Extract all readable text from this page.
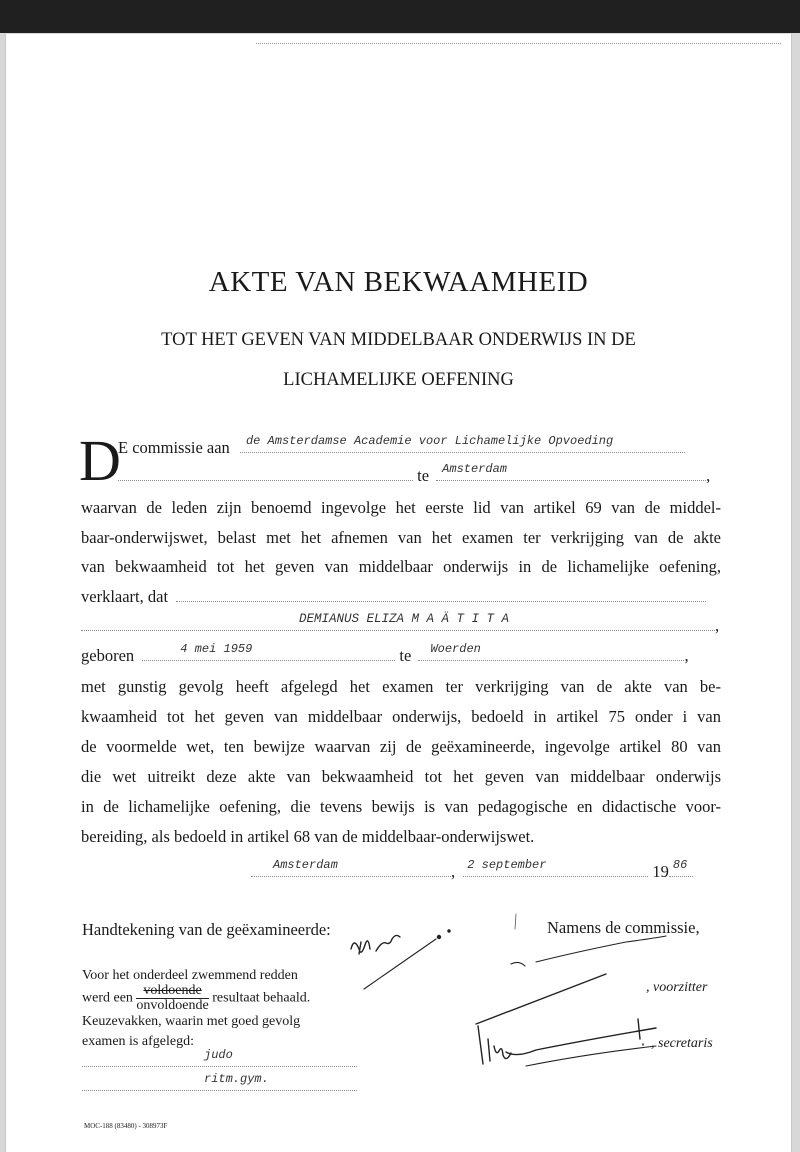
AKTE VAN BEKWAAMHEID
TOT HET GEVEN VAN MIDDELBAAR ONDERWIJS IN DE
LICHAMELIJKE OEFENING
D
E commissie aan de Amsterdamse Academie voor Lichamelijke Opvoeding
te Amsterdam	,
waarvan de leden zijn benoemd ingevolge het eerste lid van artikel 69 van de middel-
baar-onderwijswet, belast met het afnemen van het examen ter verkrijging van de akte
van bekwaamheid tot het geven van middelbaar onderwijs in de lichamelijke oefening,
verklaart, dat
DEMIANUS ELIZA M A Ä T I T A	,
geboren	4 mei 1959	te Woerden	,
met gunstig gevolg heeft afgelegd het examen ter verkrijging van de akte van be-
kwaamheid tot het geven van middelbaar onderwijs, bedoeld in artikel 75 onder i van
de voormelde wet, ten bewijze waarvan zij de geëxamineerde, ingevolge artikel 80 van
die wet uitreikt deze akte van bekwaamheid tot het geven van middelbaar onderwijs
in de lichamelijke oefening, die tevens bewijs is van pedagogische en didactische voor-
bereiding, als bedoeld in artikel 68 van de middelbaar-onderwijswet.
Amsterdam	, 2 september	19 86
Handtekening van de geëxamineerde:	Namens de commissie,
Voor het onderdeel zwemmend redden
werd een $\frac{\text{voldoende}}{\text{onvoldoende}}$ resultaat behaald.
Keuzevakken, waarin met goed gevolg
examen is afgelegd:
judo
ritm.gym.
, voorzitter
, secretaris
MOC-188 (83480) - 308973F
